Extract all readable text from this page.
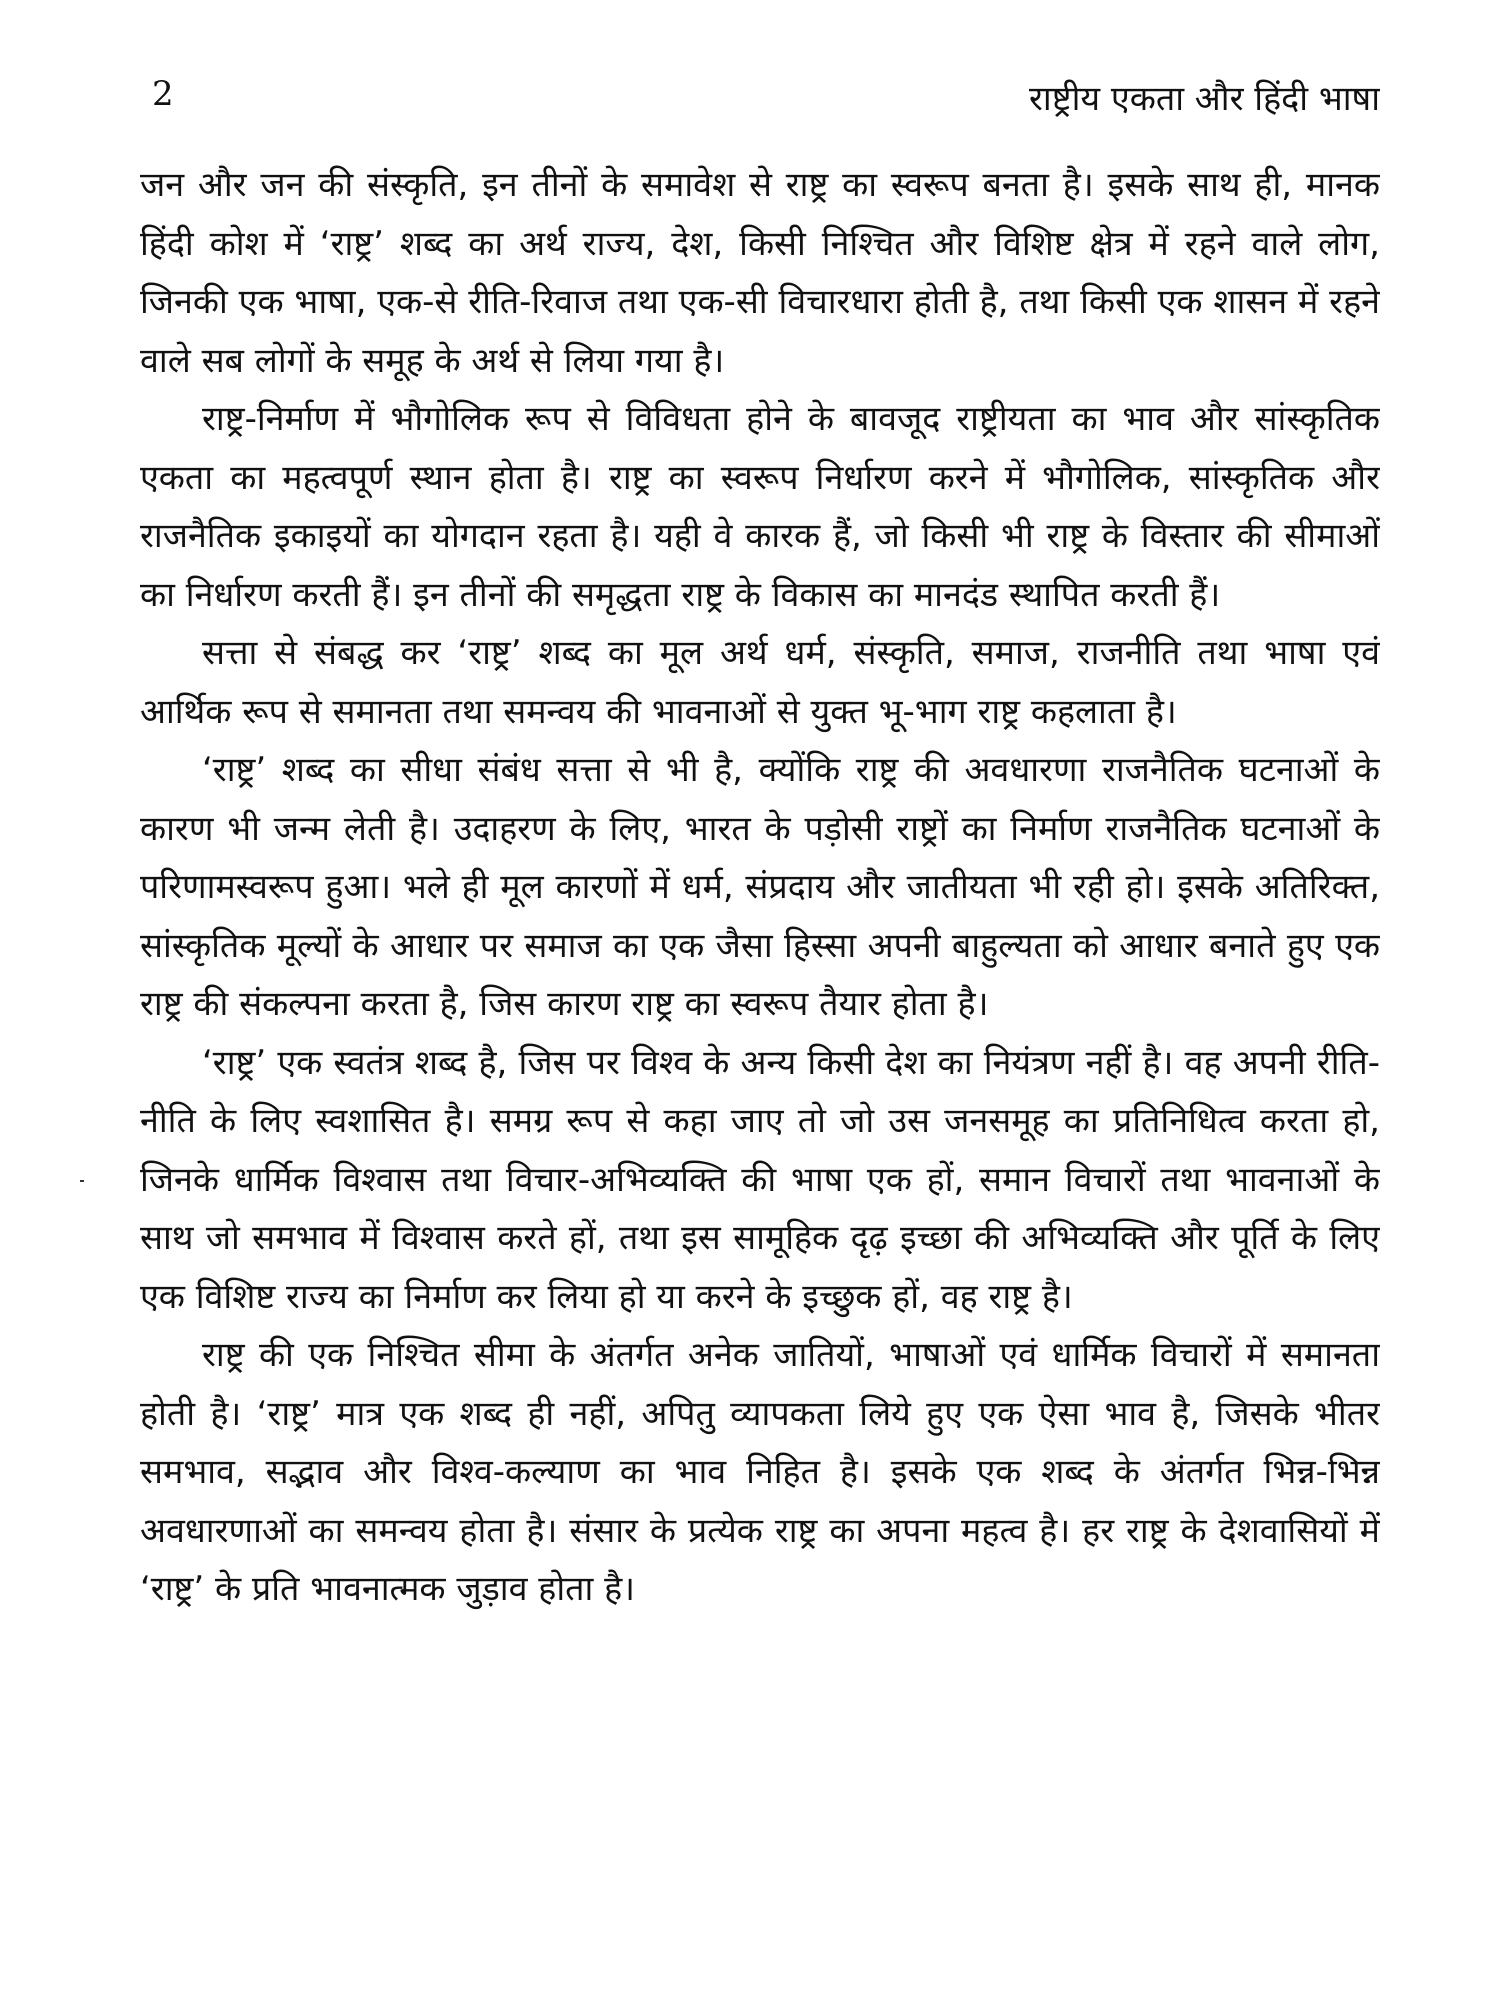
2	राष्ट्रीय एकता और हिंदी भाषा

जन और जन की संस्कृति, इन तीनों के समावेश से राष्ट्र का स्वरूप बनता है। इसके साथ ही, मानक हिंदी कोश में ‘राष्ट्र’ शब्द का अर्थ राज्य, देश, किसी निश्चित और विशिष्ट क्षेत्र में रहने वाले लोग, जिनकी एक भाषा, एक-से रीति-रिवाज तथा एक-सी विचारधारा होती है, तथा किसी एक शासन में रहने वाले सब लोगों के समूह के अर्थ से लिया गया है।

राष्ट्र-निर्माण में भौगोलिक रूप से विविधता होने के बावजूद राष्ट्रीयता का भाव और सांस्कृतिक एकता का महत्वपूर्ण स्थान होता है। राष्ट्र का स्वरूप निर्धारण करने में भौगोलिक, सांस्कृतिक और राजनैतिक इकाइयों का योगदान रहता है। यही वे कारक हैं, जो किसी भी राष्ट्र के विस्तार की सीमाओं का निर्धारण करती हैं। इन तीनों की समृद्धता राष्ट्र के विकास का मानदंड स्थापित करती हैं।

सत्ता से संबद्ध कर ‘राष्ट्र’ शब्द का मूल अर्थ धर्म, संस्कृति, समाज, राजनीति तथा भाषा एवं आर्थिक रूप से समानता तथा समन्वय की भावनाओं से युक्त भू-भाग राष्ट्र कहलाता है।

‘राष्ट्र’ शब्द का सीधा संबंध सत्ता से भी है, क्योंकि राष्ट्र की अवधारणा राजनैतिक घटनाओं के कारण भी जन्म लेती है। उदाहरण के लिए, भारत के पड़ोसी राष्ट्रों का निर्माण राजनैतिक घटनाओं के परिणामस्वरूप हुआ। भले ही मूल कारणों में धर्म, संप्रदाय और जातीयता भी रही हो। इसके अतिरिक्त, सांस्कृतिक मूल्यों के आधार पर समाज का एक जैसा हिस्सा अपनी बाहुल्यता को आधार बनाते हुए एक राष्ट्र की संकल्पना करता है, जिस कारण राष्ट्र का स्वरूप तैयार होता है।

‘राष्ट्र’ एक स्वतंत्र शब्द है, जिस पर विश्व के अन्य किसी देश का नियंत्रण नहीं है। वह अपनी रीति-नीति के लिए स्वशासित है। समग्र रूप से कहा जाए तो जो उस जनसमूह का प्रतिनिधित्व करता हो, जिनके धार्मिक विश्वास तथा विचार-अभिव्यक्ति की भाषा एक हों, समान विचारों तथा भावनाओं के साथ जो समभाव में विश्वास करते हों, तथा इस सामूहिक दृढ़ इच्छा की अभिव्यक्ति और पूर्ति के लिए एक विशिष्ट राज्य का निर्माण कर लिया हो या करने के इच्छुक हों, वह राष्ट्र है।

राष्ट्र की एक निश्चित सीमा के अंतर्गत अनेक जातियों, भाषाओं एवं धार्मिक विचारों में समानता होती है। ‘राष्ट्र’ मात्र एक शब्द ही नहीं, अपितु व्यापकता लिये हुए एक ऐसा भाव है, जिसके भीतर समभाव, सद्भाव और विश्व-कल्याण का भाव निहित है। इसके एक शब्द के अंतर्गत भिन्न-भिन्न अवधारणाओं का समन्वय होता है। संसार के प्रत्येक राष्ट्र का अपना महत्व है। हर राष्ट्र के देशवासियों में ‘राष्ट्र’ के प्रति भावनात्मक जुड़ाव होता है।
